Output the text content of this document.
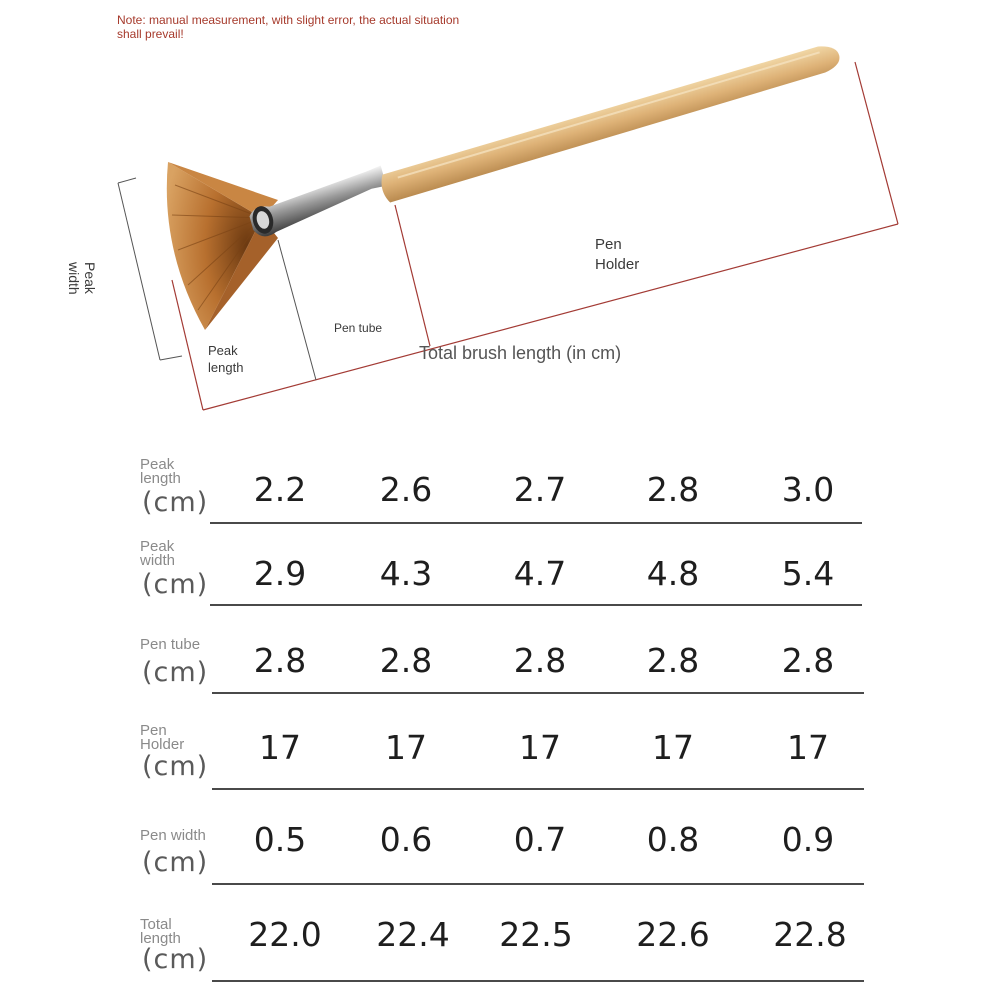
Note: manual measurement, with slight error, the actual situation shall prevail!
Peak
width
Peak
length
Pen tube
Pen
Holder
Total brush length (in cm)
Peak
length
(cm) 2.2 2.6 2.7 2.8	3.0
Peak
width
(cm) 2.9 4.3 4.7 4.8	5.4
Pen tube
(cm) 2.8 2.8 2.8 2.8	2.8
Pen
Holder
(cm) 17	17	17	17	17
Pen width
(cm)
0.5 0.6 0.7 0.8	0.9
Total
length
(cm)
22.0 22.4 22.5 22.6 22.8
